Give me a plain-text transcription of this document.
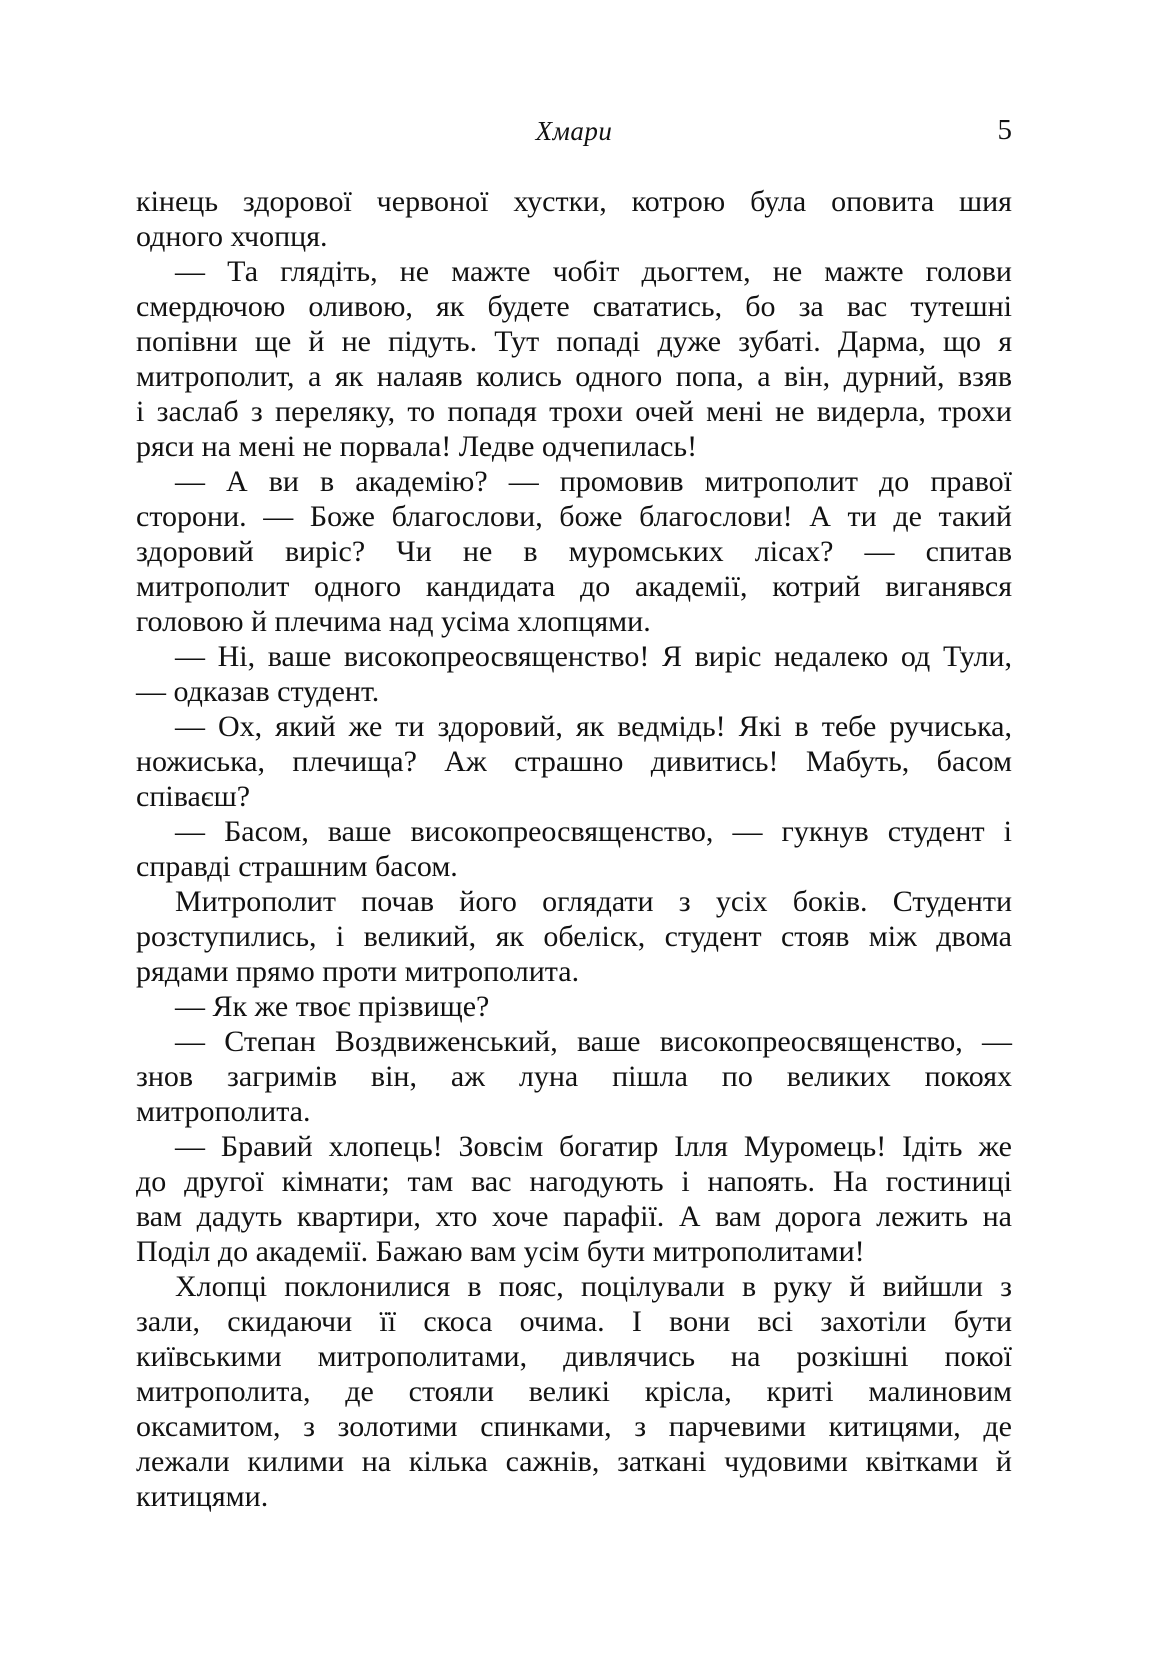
Хмари	5

кінець здорової червоної хустки, котрою була оповита шия
одного хчопця.

— Та глядіть, не мажте чобіт дьогтем, не мажте голови
смердючою оливою, як будете свататись, бо за вас тутешні
попівни ще й не підуть. Тут попаді дуже зубаті. Дарма, що я
митрополит, а як налаяв колись одного попа, а він, дурний, взяв
і заслаб з переляку, то попадя трохи очей мені не видерла, трохи
ряси на мені не порвала! Ледве одчепилась!

— А ви в академію? — промовив митрополит до правої
сторони. — Боже благослови, боже благослови! А ти де такий
здоровий виріс? Чи не в муромських лісах? — спитав
митрополит одного кандидата до академії, котрий виганявся
головою й плечима над усіма хлопцями.

— Ні, ваше високопреосвященство! Я виріс недалеко од Тули,
— одказав студент.

— Ох, який же ти здоровий, як ведмідь! Які в тебе ручиська,
ножиська, плечища? Аж страшно дивитись! Мабуть, басом
співаєш?

— Басом, ваше високопреосвященство, — гукнув студент і
справді страшним басом.

Митрополит почав його оглядати з усіх боків. Студенти
розступились, і великий, як обеліск, студент стояв між двома
рядами прямо проти митрополита.

— Як же твоє прізвище?

— Степан Воздвиженський, ваше високопреосвященство, —
знов загримів він, аж луна пішла по великих покоях
митрополита.

— Бравий хлопець! Зовсім богатир Ілля Муромець! Ідіть же
до другої кімнати; там вас нагодують і напоять. На гостиниці
вам дадуть квартири, хто хоче парафії. А вам дорога лежить на
Поділ до академії. Бажаю вам усім бути митрополитами!

Хлопці поклонилися в пояс, поцілували в руку й вийшли з
зали, скидаючи її скоса очима. І вони всі захотіли бути
київськими митрополитами, дивлячись на розкішні покої
митрополита, де стояли великі крісла, криті малиновим
оксамитом, з золотими спинками, з парчевими китицями, де
лежали килими на кілька сажнів, заткані чудовими квітками й
китицями.
